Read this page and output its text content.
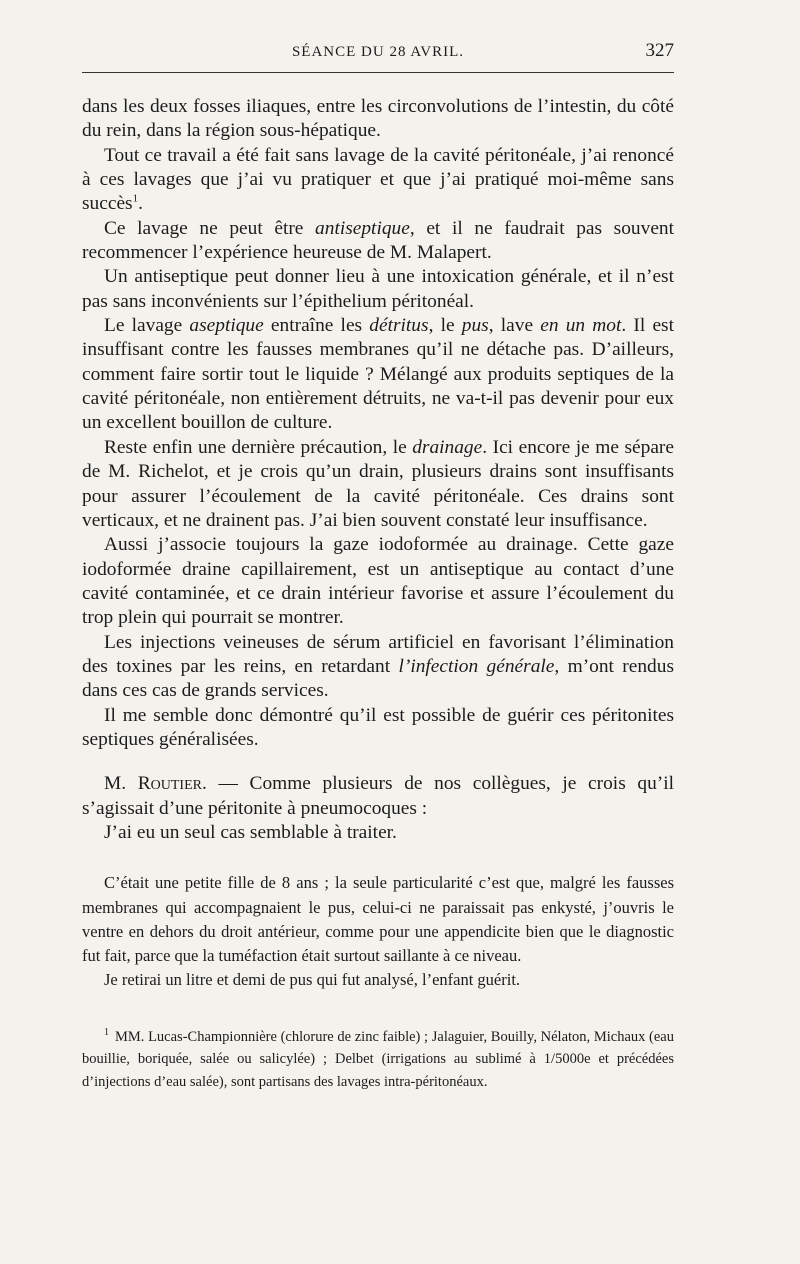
SÉANCE DU 28 AVRIL.	327

dans les deux fosses iliaques, entre les circonvolutions de l’intestin, du côté du rein, dans la région sous-hépatique.

Tout ce travail a été fait sans lavage de la cavité péritonéale, j’ai renoncé à ces lavages que j’ai vu pratiquer et que j’ai pratiqué moi-même sans succès$^1$.

Ce lavage ne peut être antiseptique, et il ne faudrait pas souvent recommencer l’expérience heureuse de M. Malapert.

Un antiseptique peut donner lieu à une intoxication générale, et il n’est pas sans inconvénients sur l’épithelium péritonéal.

Le lavage aseptique entraîne les détritus, le pus, lave en un mot. Il est insuffisant contre les fausses membranes qu’il ne détache pas. D’ailleurs, comment faire sortir tout le liquide ? Mélangé aux produits septiques de la cavité péritonéale, non entièrement détruits, ne va-t-il pas devenir pour eux un excellent bouillon de culture.

Reste enfin une dernière précaution, le drainage. Ici encore je me sépare de M. Richelot, et je crois qu’un drain, plusieurs drains sont insuffisants pour assurer l’écoulement de la cavité péritonéale. Ces drains sont verticaux, et ne drainent pas. J’ai bien souvent constaté leur insuffisance.

Aussi j’associe toujours la gaze iodoformée au drainage. Cette gaze iodoformée draine capillairement, est un antiseptique au contact d’une cavité contaminée, et ce drain intérieur favorise et assure l’écoulement du trop plein qui pourrait se montrer.

Les injections veineuses de sérum artificiel en favorisant l’élimination des toxines par les reins, en retardant l’infection générale, m’ont rendus dans ces cas de grands services.

Il me semble donc démontré qu’il est possible de guérir ces péritonites septiques généralisées.

M. Routier. — Comme plusieurs de nos collègues, je crois qu’il s’agissait d’une péritonite à pneumocoques :

J’ai eu un seul cas semblable à traiter.

C’était une petite fille de 8 ans ; la seule particularité c’est que, malgré les fausses membranes qui accompagnaient le pus, celui-ci ne paraissait pas enkysté, j’ouvris le ventre en dehors du droit antérieur, comme pour une appendicite bien que le diagnostic fut fait, parce que la tuméfaction était surtout saillante à ce niveau.

Je retirai un litre et demi de pus qui fut analysé, l’enfant guérit.

$^1$ MM. Lucas-Championnière (chlorure de zinc faible) ; Jalaguier, Bouilly, Nélaton, Michaux (eau bouillie, boriquée, salée ou salicylée) ; Delbet (irrigations au sublimé à 1/5000e et précédées d’injections d’eau salée), sont partisans des lavages intra-péritonéaux.
